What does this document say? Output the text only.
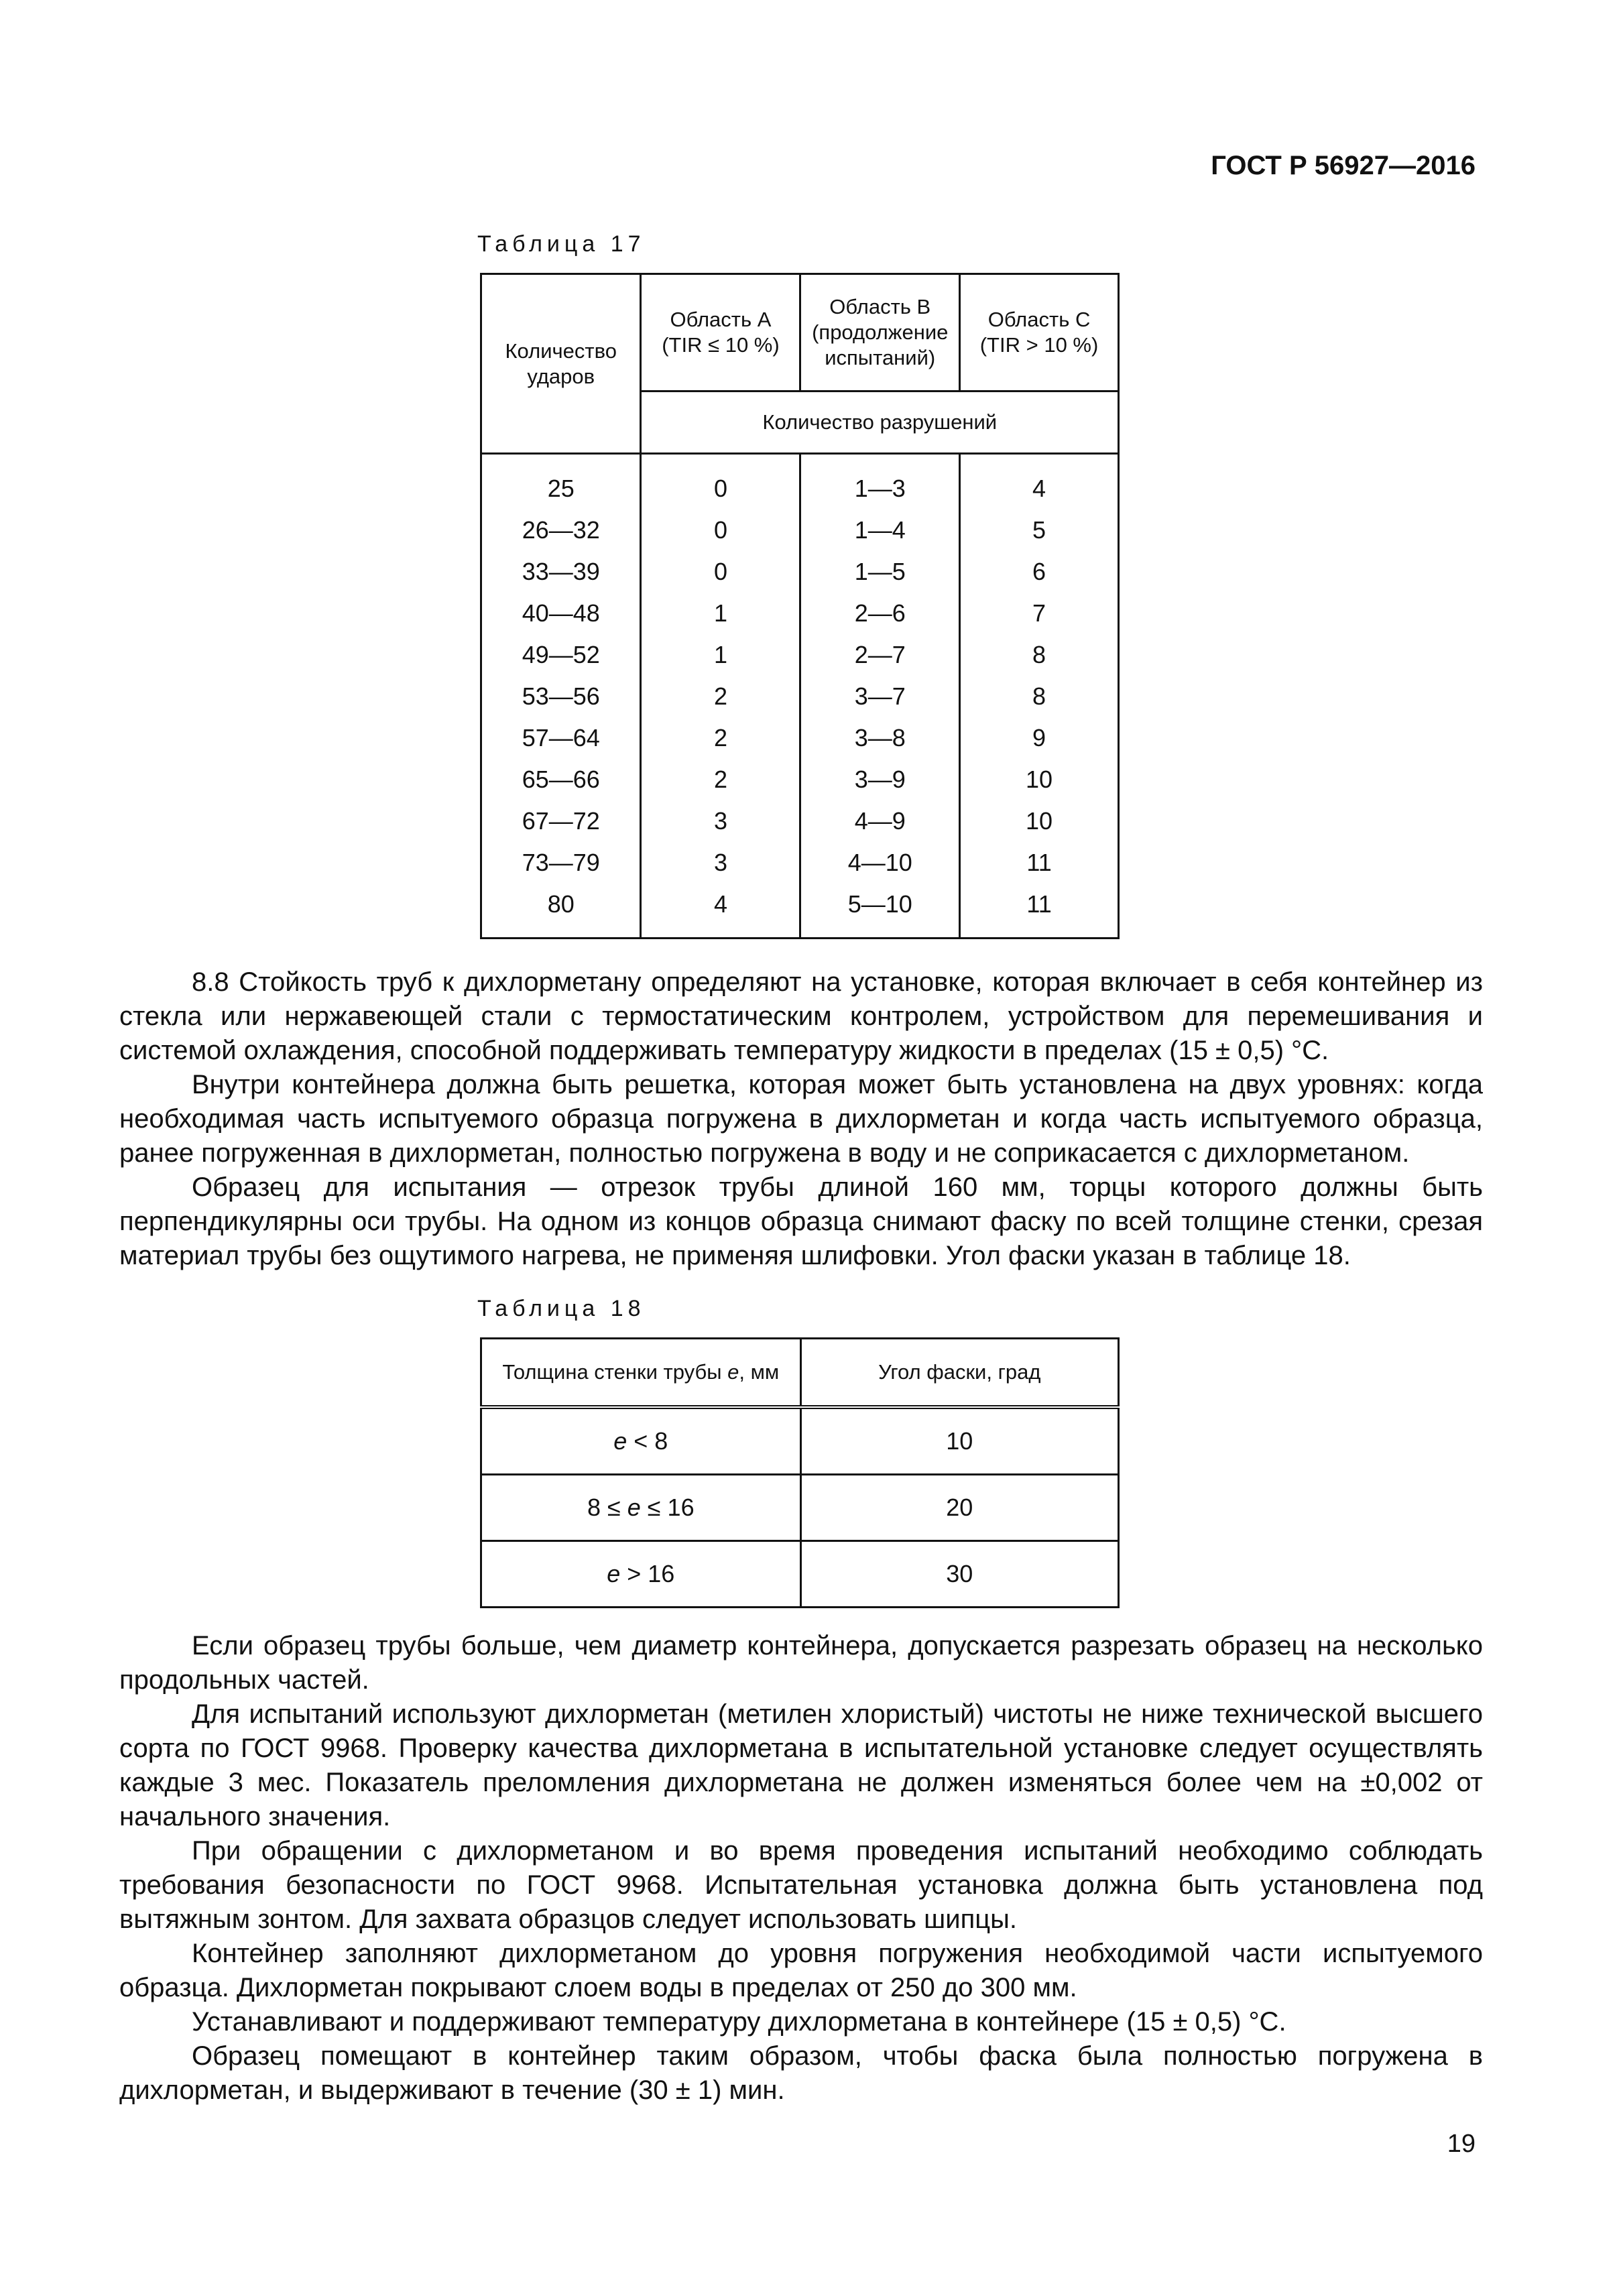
ГОСТ Р 56927—2016
Таблица 17
Количество ударов	Область A (TIR ≤ 10 %)	Область B (продолжение испытаний)	Область C (TIR > 10 %)
	Количество разрушений		
25	0	1—3	4
26—32	0	1—4	5
33—39	0	1—5	6
40—48	1	2—6	7
49—52	1	2—7	8
53—56	2	3—7	8
57—64	2	3—8	9
65—66	2	3—9	10
67—72	3	4—9	10
73—79	3	4—10	11
80	4	5—10	11

8.8 Стойкость труб к дихлорметану определяют на установке, которая включает в себя контейнер из стекла или нержавеющей стали с термостатическим контролем, устройством для перемешивания и системой охлаждения, способной поддерживать температуру жидкости в пределах (15 ± 0,5) °С.

Внутри контейнера должна быть решетка, которая может быть установлена на двух уровнях: когда необходимая часть испытуемого образца погружена в дихлорметан и когда часть испытуемого образца, ранее погруженная в дихлорметан, полностью погружена в воду и не соприкасается с дихлорметаном.

Образец для испытания — отрезок трубы длиной 160 мм, торцы которого должны быть перпендикулярны оси трубы. На одном из концов образца снимают фаску по всей толщине стенки, срезая материал трубы без ощутимого нагрева, не применяя шлифовки. Угол фаски указан в таблице 18.

Таблица 18
Толщина стенки трубы e, мм	Угол фаски, град
e < 8	10
8 ≤ e ≤ 16	20
e > 16	30

Если образец трубы больше, чем диаметр контейнера, допускается разрезать образец на несколько продольных частей.

Для испытаний используют дихлорметан (метилен хлористый) чистоты не ниже технической высшего сорта по ГОСТ 9968. Проверку качества дихлорметана в испытательной установке следует осуществлять каждые 3 мес. Показатель преломления дихлорметана не должен изменяться более чем на ±0,002 от начального значения.

При обращении с дихлорметаном и во время проведения испытаний необходимо соблюдать требования безопасности по ГОСТ 9968. Испытательная установка должна быть установлена под вытяжным зонтом. Для захвата образцов следует использовать шипцы.

Контейнер заполняют дихлорметаном до уровня погружения необходимой части испытуемого образца. Дихлорметан покрывают слоем воды в пределах от 250 до 300 мм.

Устанавливают и поддерживают температуру дихлорметана в контейнере (15 ± 0,5) °С.

Образец помещают в контейнер таким образом, чтобы фаска была полностью погружена в дихлорметан, и выдерживают в течение (30 ± 1) мин.

19
